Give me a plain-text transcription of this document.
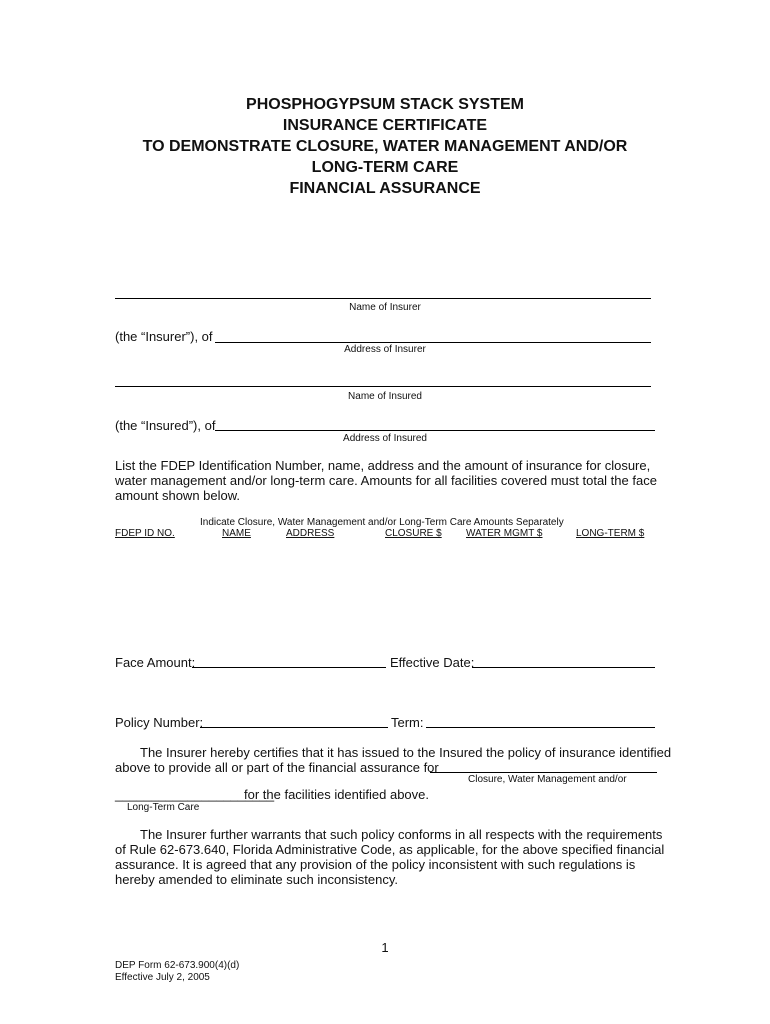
PHOSPHOGYPSUM STACK SYSTEM
INSURANCE CERTIFICATE
TO DEMONSTRATE CLOSURE, WATER MANAGEMENT AND/OR
LONG-TERM CARE
FINANCIAL ASSURANCE
Name of Insurer
(the “Insurer”), of
Address of Insurer
Name of Insured
(the “Insured”), of
Address of Insured
List the FDEP Identification Number, name, address and the amount of insurance for closure,
water management and/or long-term care. Amounts for all facilities covered must total the face
amount shown below.
Indicate Closure, Water Management and/or Long-Term Care Amounts Separately
FDEP ID NO.	NAME	ADDRESS	CLOSURE $ WATER MGMT $	LONG-TERM $
Face Amount:	Effective Date:
Policy Number:	Term:
The Insurer hereby certifies that it has issued to the Insured the policy of insurance identified
above to provide all or part of the financial assurance for
Closure, Water Management and/or
______________________
for the facilities identified above.
Long-Term Care
The Insurer further warrants that such policy conforms in all respects with the requirements
of Rule 62-673.640, Florida Administrative Code, as applicable, for the above specified financial
assurance. It is agreed that any provision of the policy inconsistent with such regulations is
hereby amended to eliminate such inconsistency.
1
DEP Form 62-673.900(4)(d)
Effective July 2, 2005
